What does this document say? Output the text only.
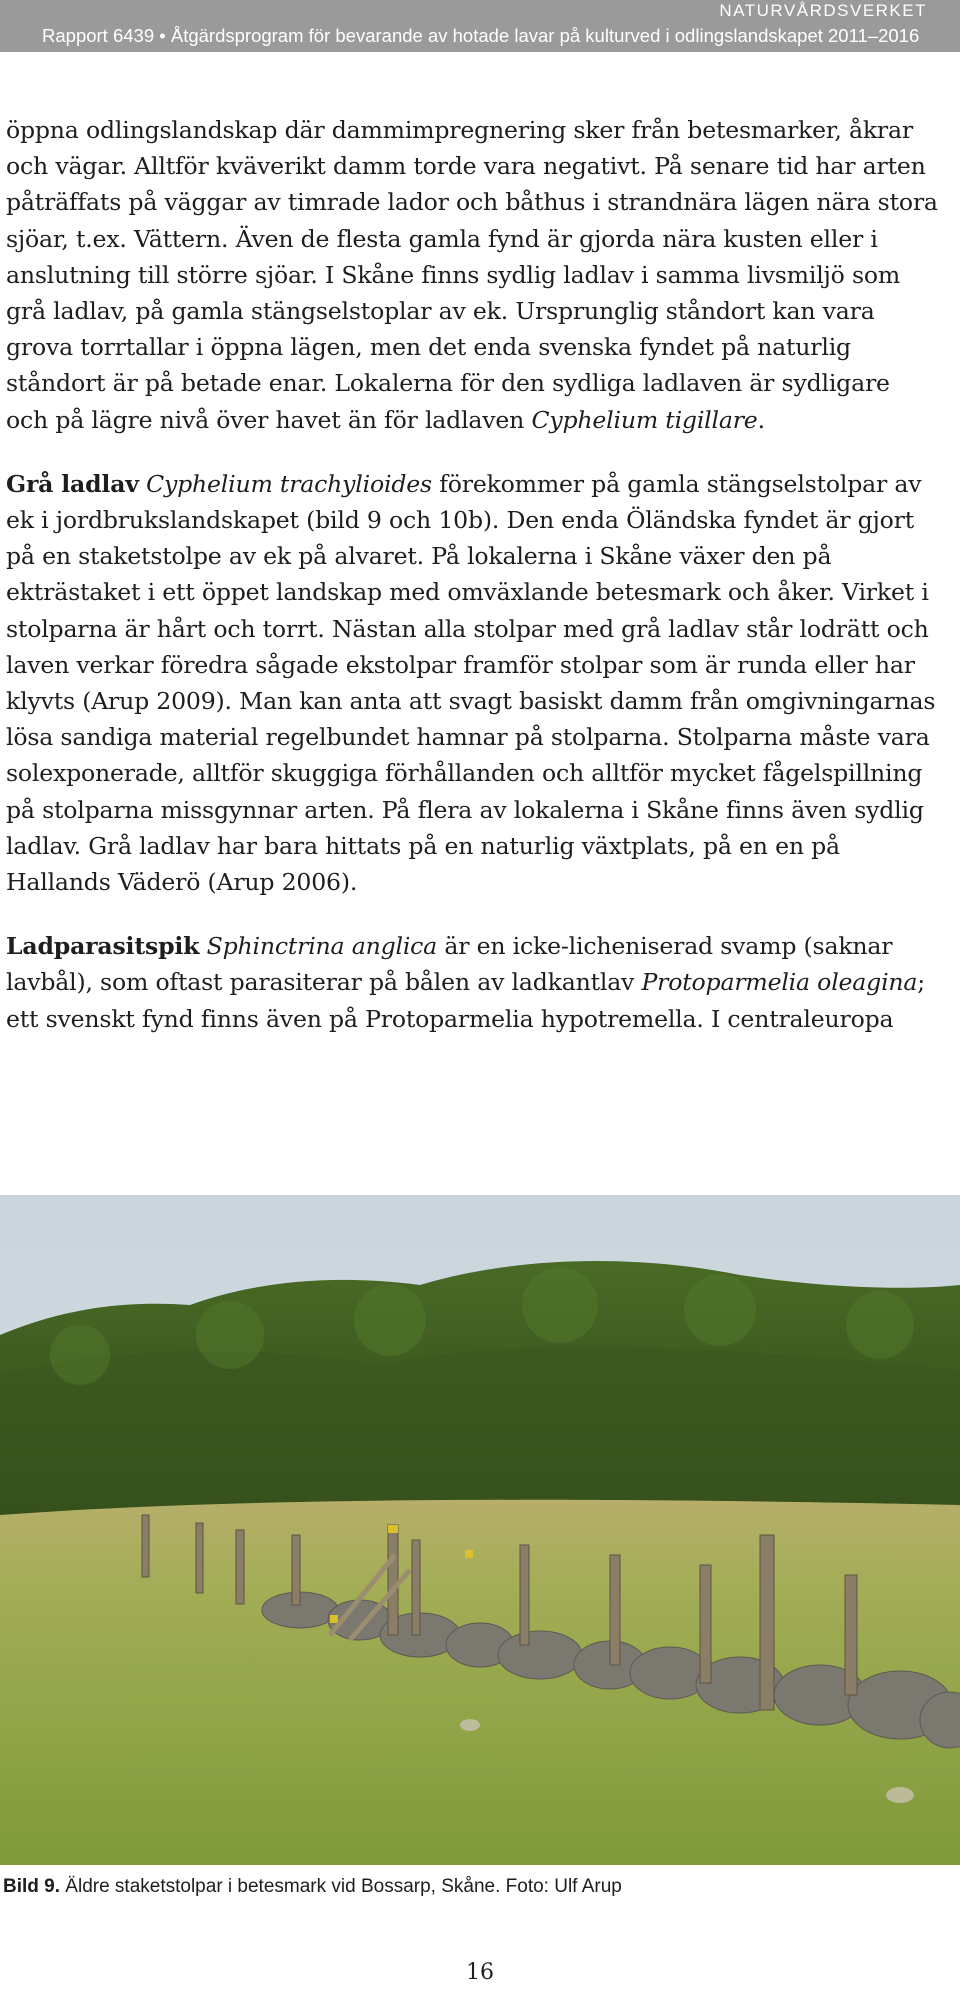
NATURVÅRDSVERKET
Rapport 6439 • Åtgärdsprogram för bevarande av hotade lavar på kulturved i odlingslandskapet 2011–2016

öppna odlingslandskap där dammimpregnering sker från betesmarker, åkrar och vägar. Alltför kväverikt damm torde vara negativt. På senare tid har arten påträffats på väggar av timrade lador och båthus i strandnära lägen nära stora sjöar, t.ex. Vättern. Även de flesta gamla fynd är gjorda nära kusten eller i anslutning till större sjöar. I Skåne finns sydlig ladlav i samma livsmiljö som grå ladlav, på gamla stängselstoplar av ek. Ursprunglig ståndort kan vara grova torrtallar i öppna lägen, men det enda svenska fyndet på naturlig ståndort är på betade enar. Lokalerna för den sydliga ladlaven är sydligare och på lägre nivå över havet än för ladlaven Cyphelium tigillare.

Grå ladlav Cyphelium trachylioides förekommer på gamla stängselstolpar av ek i jordbrukslandskapet (bild 9 och 10b). Den enda Öländska fyndet är gjort på en staketstolpe av ek på alvaret. På lokalerna i Skåne växer den på ekträstaket i ett öppet landskap med omväxlande betesmark och åker. Virket i stolparna är hårt och torrt. Nästan alla stolpar med grå ladlav står lodrätt och laven verkar föredra sågade ekstolpar framför stolpar som är runda eller har klyvts (Arup 2009). Man kan anta att svagt basiskt damm från omgivningarnas lösa sandiga material regelbundet hamnar på stolparna. Stolparna måste vara solexponerade, alltför skuggiga förhållanden och alltför mycket fågelspillning på stolparna missgynnar arten. På flera av lokalerna i Skåne finns även sydlig ladlav. Grå ladlav har bara hittats på en naturlig växtplats, på en en på Hallands Väderö (Arup 2006).

Ladparasitspik Sphinctrina anglica är en icke-licheniserad svamp (saknar lavbål), som oftast parasiterar på bålen av ladkantlav Protoparmelia oleagina; ett svenskt fynd finns även på Protoparmelia hypotremella. I centraleuropa

Bild 9. Äldre staketstolpar i betesmark vid Bossarp, Skåne. Foto: Ulf Arup
16
